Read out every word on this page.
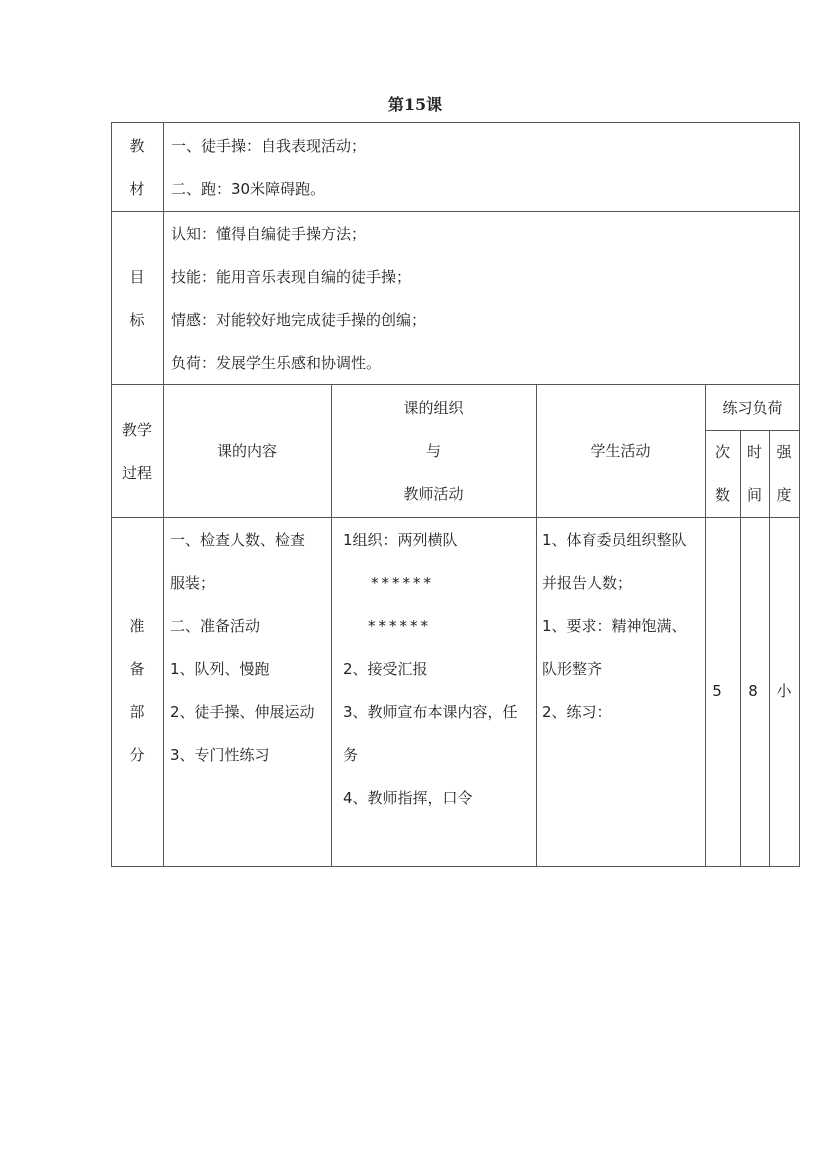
第15课
教
材
一、徒手操：自我表现活动；
二、跑：30米障碍跑。
目
标
认知：懂得自编徒手操方法；
技能：能用音乐表现自编的徒手操；
情感：对能较好地完成徒手操的创编；
负荷：发展学生乐感和协调性。
教学
过程
课的内容
课的组织
与
教师活动
学生活动
练习负荷
次
数
时
间
强
度
准
备
部
分
一、检查人数、检查
服装；
二、准备活动
1、队列、慢跑
2、徒手操、伸展运动
3、专门性练习
1组织：两列横队
******
******
2、接受汇报
3、教师宣布本课内容，任
务
4、教师指挥，口令
1、体育委员组织整队
并报告人数；
1、要求：精神饱满、
队形整齐
2、练习：
5	8	小
